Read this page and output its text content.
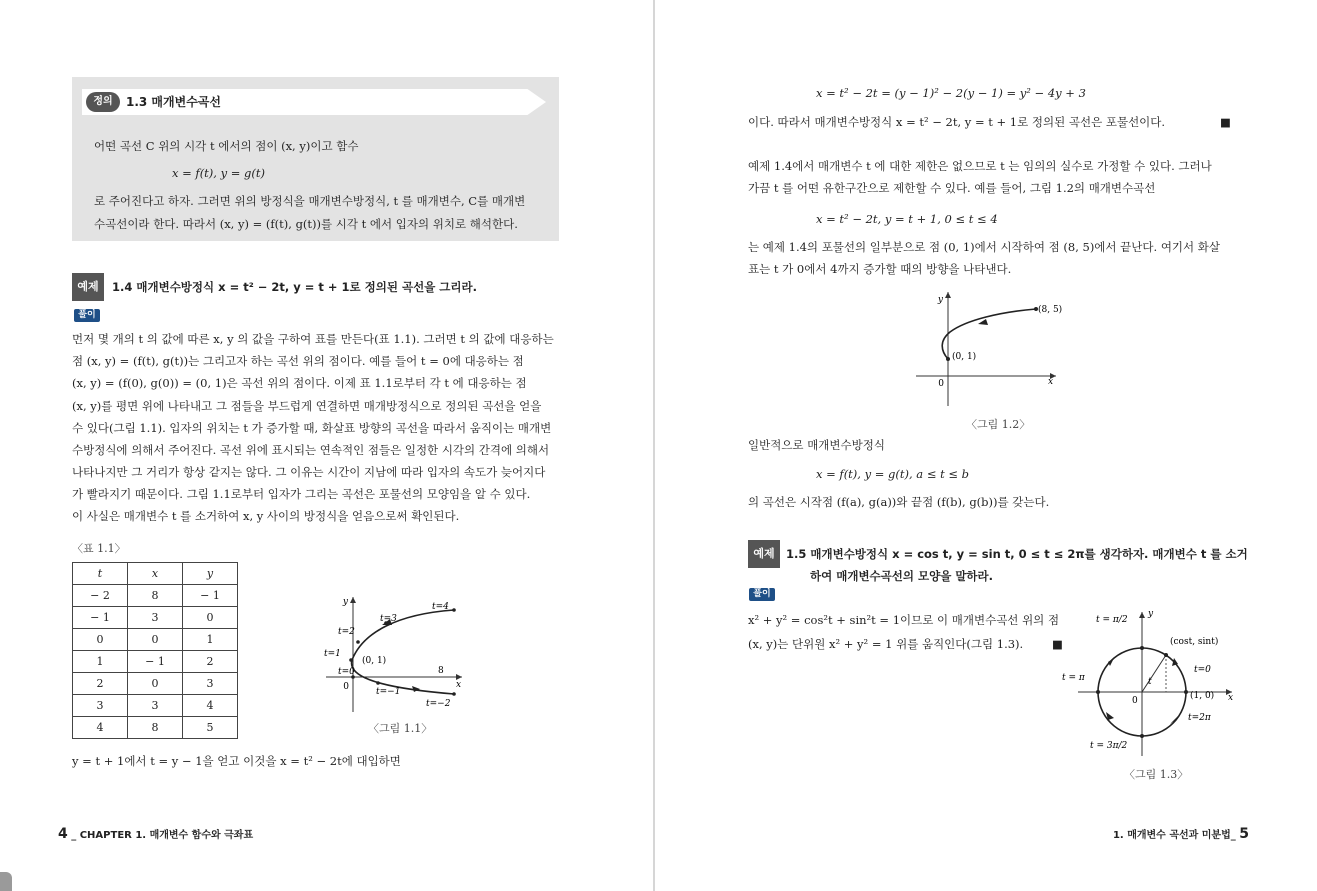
정의	1.3 매개변수곡선
어떤 곡선 C 위의 시각 t 에서의 점이 (x, y)이고 함수
x = f(t), y = g(t)
로 주어진다고 하자. 그러면 위의 방정식을 매개변수방정식, t 를 매개변수, C를 매개변
수곡선이라 한다. 따라서 (x, y) = (f(t), g(t))를 시각 t 에서 입자의 위치로 해석한다.
예제	1.4 매개변수방정식 x = t² − 2t, y = t + 1로 정의된 곡선을 그리라.
풀이
먼저 몇 개의 t 의 값에 따른 x, y 의 값을 구하여 표를 만든다(표 1.1). 그러면 t 의 값에 대응하는
점 (x, y) = (f(t), g(t))는 그리고자 하는 곡선 위의 점이다. 예를 들어 t = 0에 대응하는 점
(x, y) = (f(0), g(0)) = (0, 1)은 곡선 위의 점이다. 이제 표 1.1로부터 각 t 에 대응하는 점
(x, y)를 평면 위에 나타내고 그 점들을 부드럽게 연결하면 매개방정식으로 정의된 곡선을 얻을
수 있다(그림 1.1). 입자의 위치는 t 가 증가할 때, 화살표 방향의 곡선을 따라서 움직이는 매개변
수방정식에 의해서 주어진다. 곡선 위에 표시되는 연속적인 점들은 일정한 시각의 간격에 의해서
나타나지만 그 거리가 항상 같지는 않다. 그 이유는 시간이 지남에 따라 입자의 속도가 늦어지다
가 빨라지기 때문이다. 그림 1.1로부터 입자가 그리는 곡선은 포물선의 모양임을 알 수 있다.
이 사실은 매개변수 t 를 소거하여 x, y 사이의 방정식을 얻음으로써 확인된다.
〈표 1.1〉
t	x	y
− 2	8	− 1
− 1	3	0
0	0	1
1	− 1	2
2	0	3
3	3	4
4	8	5
y
x
0
t=4
t=3
t=2
t=1
t=0
(0, 1)
8
t=−1
t=−2
〈그림 1.1〉
y = t + 1에서 t = y − 1을 얻고 이것을 x = t² − 2t에 대입하면
4 _ CHAPTER 1. 매개변수 함수와 극좌표
x = t² − 2t = (y − 1)² − 2(y − 1) = y² − 4y + 3
이다. 따라서 매개변수방정식 x = t² − 2t, y = t + 1로 정의된 곡선은 포물선이다.	■
예제 1.4에서 매개변수 t 에 대한 제한은 없으므로 t 는 임의의 실수로 가정할 수 있다. 그러나
가끔 t 를 어떤 유한구간으로 제한할 수 있다. 예를 들어, 그림 1.2의 매개변수곡선
x = t² − 2t, y = t + 1, 0 ≤ t ≤ 4
는 예제 1.4의 포물선의 일부분으로 점 (0, 1)에서 시작하여 점 (8, 5)에서 끝난다. 여기서 화살
표는 t 가 0에서 4까지 증가할 때의 방향을 나타낸다.
y
x
0
(0, 1)
(8, 5)
〈그림 1.2〉
일반적으로 매개변수방정식
x = f(t), y = g(t), a ≤ t ≤ b
의 곡선은 시작점 (f(a), g(a))와 끝점 (f(b), g(b))를 갖는다.
예제 1.5 매개변수방정식 x = cos t, y = sin t, 0 ≤ t ≤ 2π를 생각하자. 매개변수 t 를 소거
하여 매개변수곡선의 모양을 말하라.
풀이
x² + y² = cos²t + sin²t = 1이므로 이 매개변수곡선 위의 점
(x, y)는 단위원 x² + y² = 1 위를 움직인다(그림 1.3).	■
y
x
0
t
t = π/2
t = π
t = 3π/2
t=0
t=2π
(cost, sint)
(1, 0)
〈그림 1.3〉
1. 매개변수 곡선과 미분법_ 5
